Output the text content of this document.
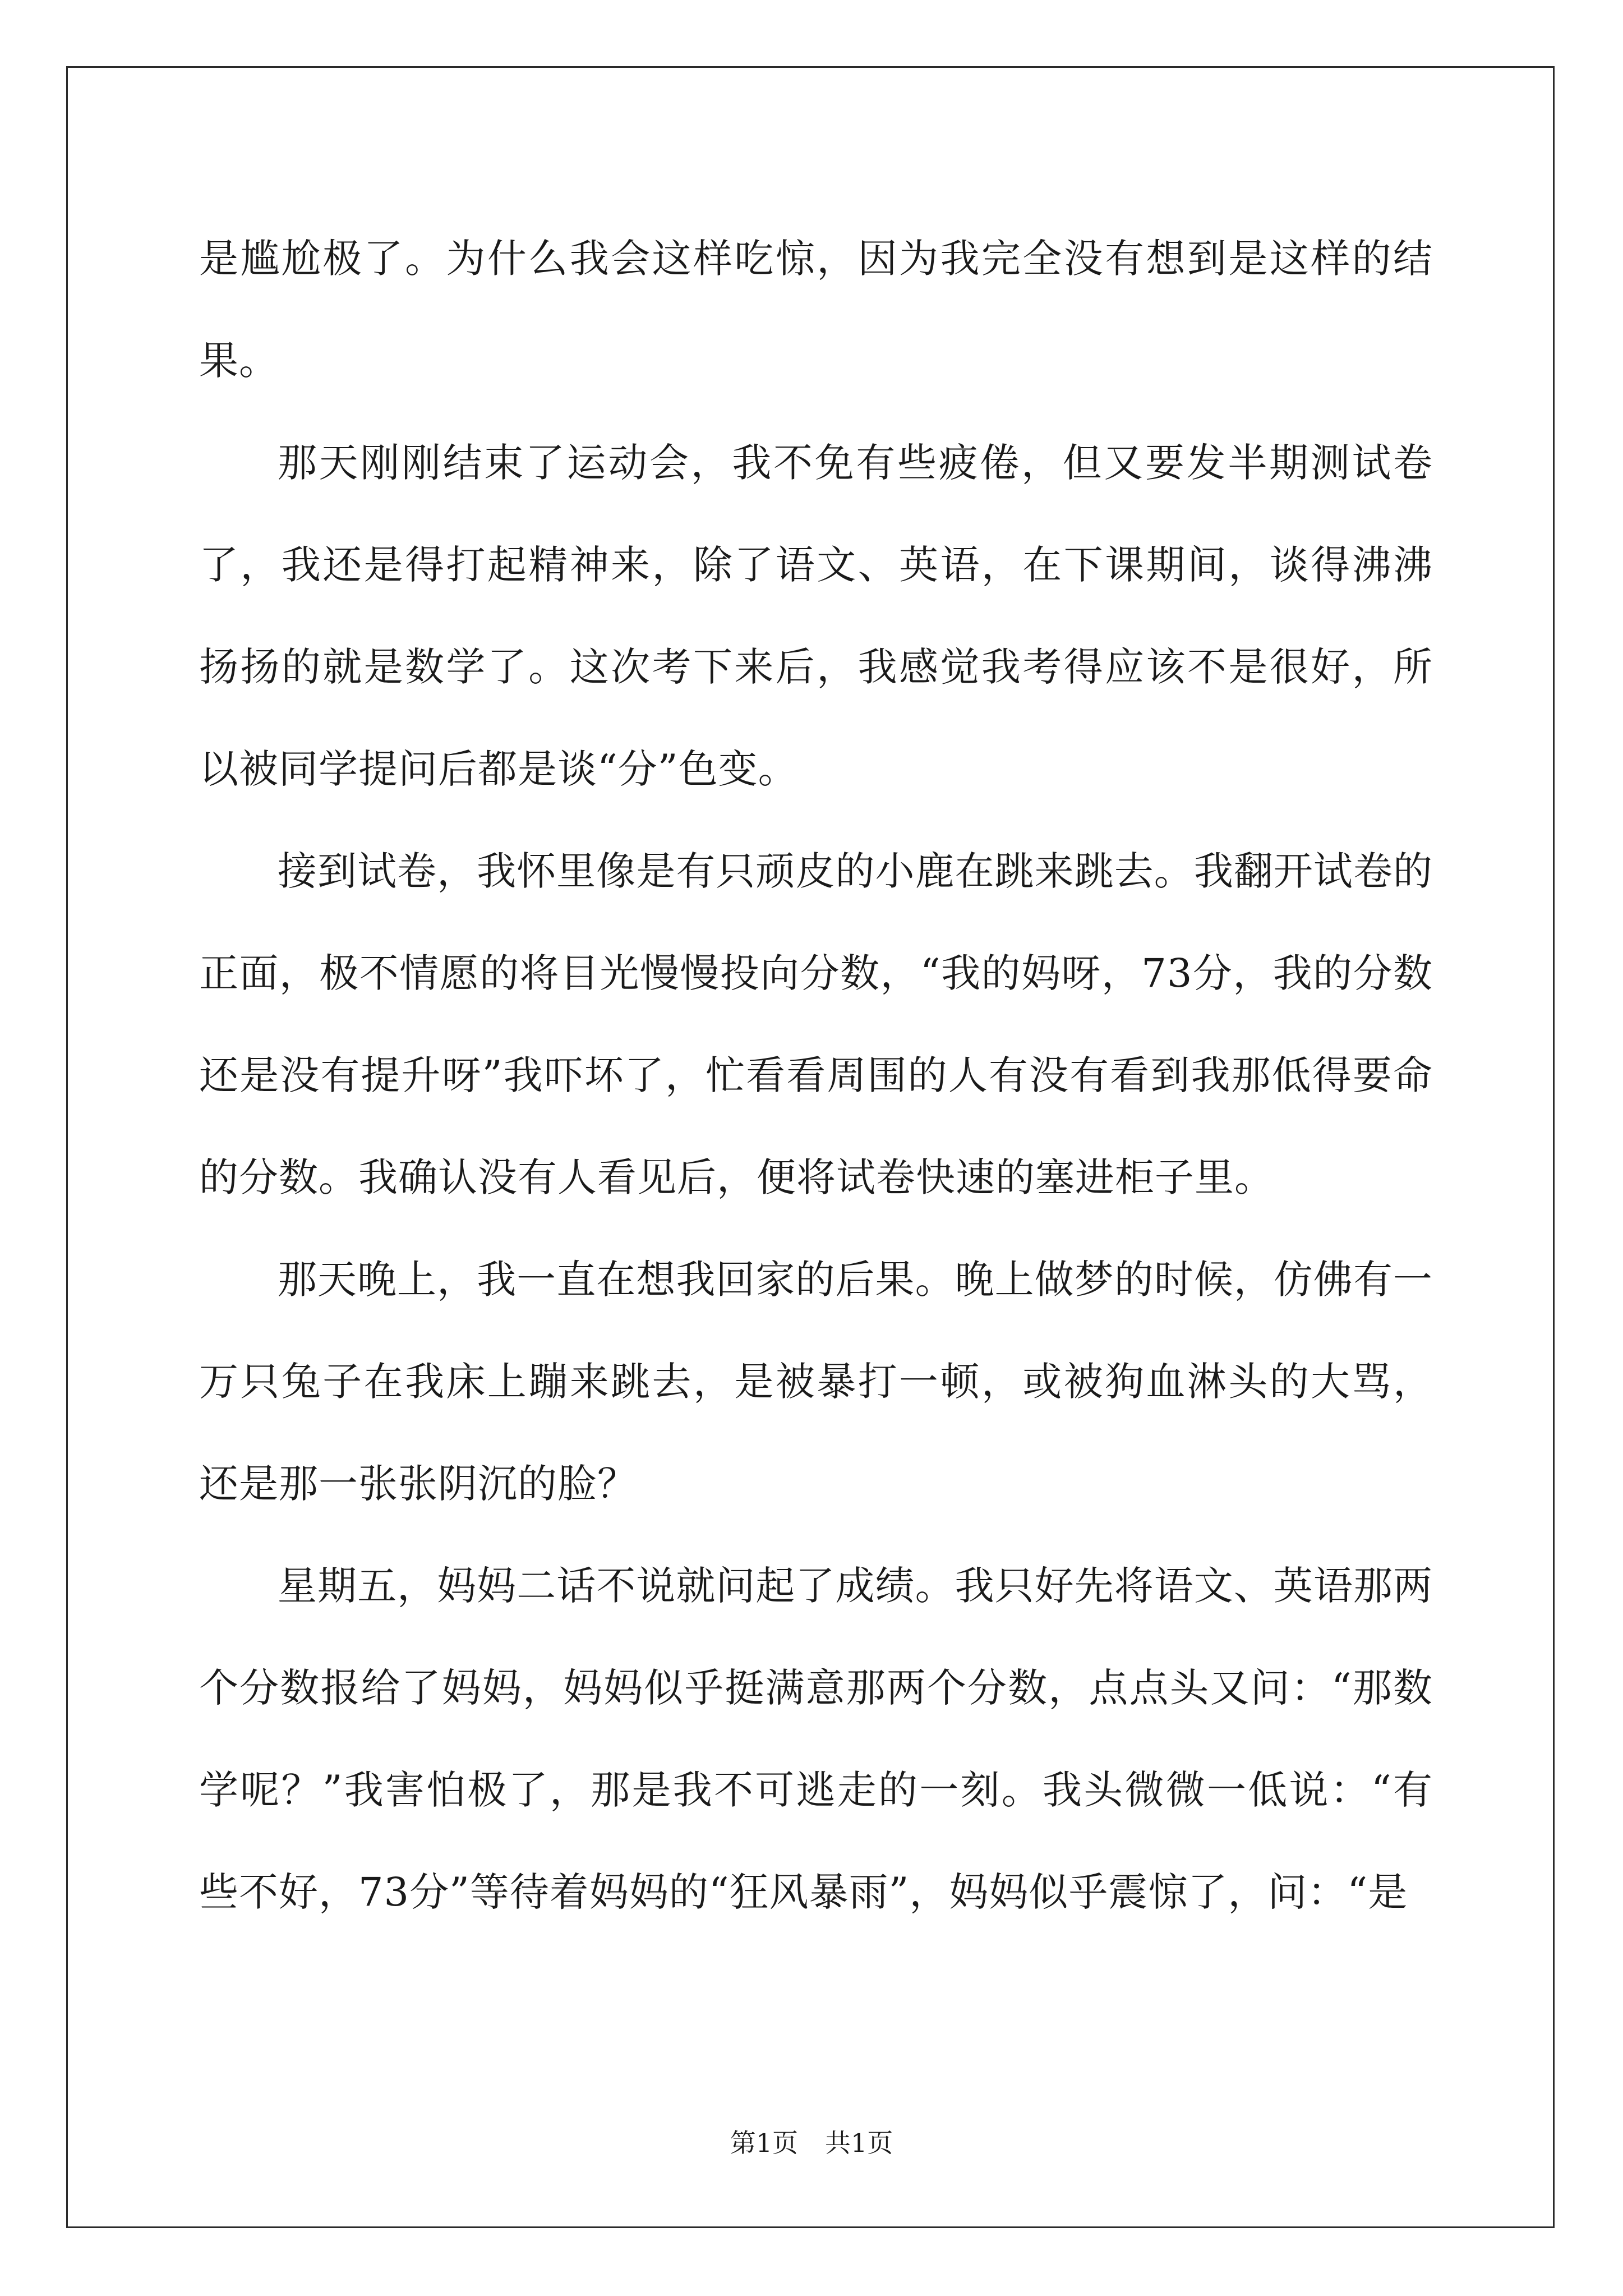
是尴尬极了。为什么我会这样吃惊，因为我完全没有想到是这样的结果。

那天刚刚结束了运动会，我不免有些疲倦，但又要发半期测试卷了，我还是得打起精神来，除了语文、英语，在下课期间，谈得沸沸扬扬的就是数学了。这次考下来后，我感觉我考得应该不是很好，所以被同学提问后都是谈“分”色变。

接到试卷，我怀里像是有只顽皮的小鹿在跳来跳去。我翻开试卷的正面，极不情愿的将目光慢慢投向分数，“我的妈呀，73分，我的分数还是没有提升呀”我吓坏了，忙看看周围的人有没有看到我那低得要命的分数。我确认没有人看见后，便将试卷快速的塞进柜子里。

那天晚上，我一直在想我回家的后果。晚上做梦的时候，仿佛有一万只兔子在我床上蹦来跳去，是被暴打一顿，或被狗血淋头的大骂，还是那一张张阴沉的脸？

星期五，妈妈二话不说就问起了成绩。我只好先将语文、英语那两个分数报给了妈妈，妈妈似乎挺满意那两个分数，点点头又问：“那数学呢？”我害怕极了，那是我不可逃走的一刻。我头微微一低说：“有些不好，73分”等待着妈妈的“狂风暴雨”，妈妈似乎震惊了，问：“是

第1页 共1页
